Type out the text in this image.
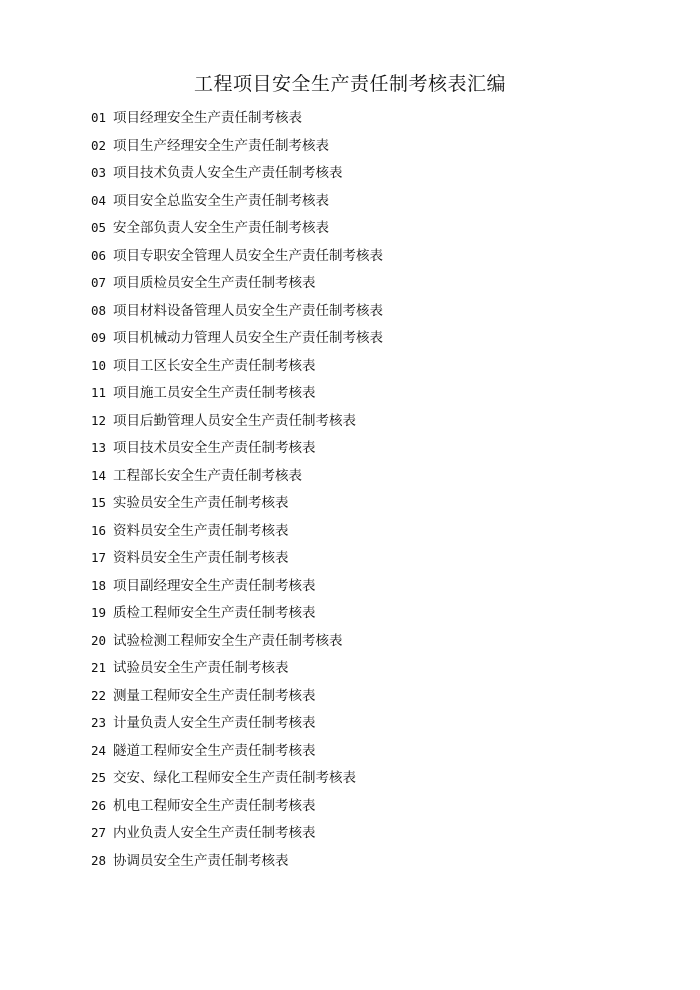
工程项目安全生产责任制考核表汇编
01 项目经理安全生产责任制考核表
02 项目生产经理安全生产责任制考核表
03 项目技术负责人安全生产责任制考核表
04 项目安全总监安全生产责任制考核表
05 安全部负责人安全生产责任制考核表
06 项目专职安全管理人员安全生产责任制考核表
07 项目质检员安全生产责任制考核表
08 项目材料设备管理人员安全生产责任制考核表
09 项目机械动力管理人员安全生产责任制考核表
10 项目工区长安全生产责任制考核表
11 项目施工员安全生产责任制考核表
12 项目后勤管理人员安全生产责任制考核表
13 项目技术员安全生产责任制考核表
14 工程部长安全生产责任制考核表
15 实验员安全生产责任制考核表
16 资料员安全生产责任制考核表
17 资料员安全生产责任制考核表
18 项目副经理安全生产责任制考核表
19 质检工程师安全生产责任制考核表
20 试验检测工程师安全生产责任制考核表
21 试验员安全生产责任制考核表
22 测量工程师安全生产责任制考核表
23 计量负责人安全生产责任制考核表
24 隧道工程师安全生产责任制考核表
25 交安、绿化工程师安全生产责任制考核表
26 机电工程师安全生产责任制考核表
27 内业负责人安全生产责任制考核表
28 协调员安全生产责任制考核表
